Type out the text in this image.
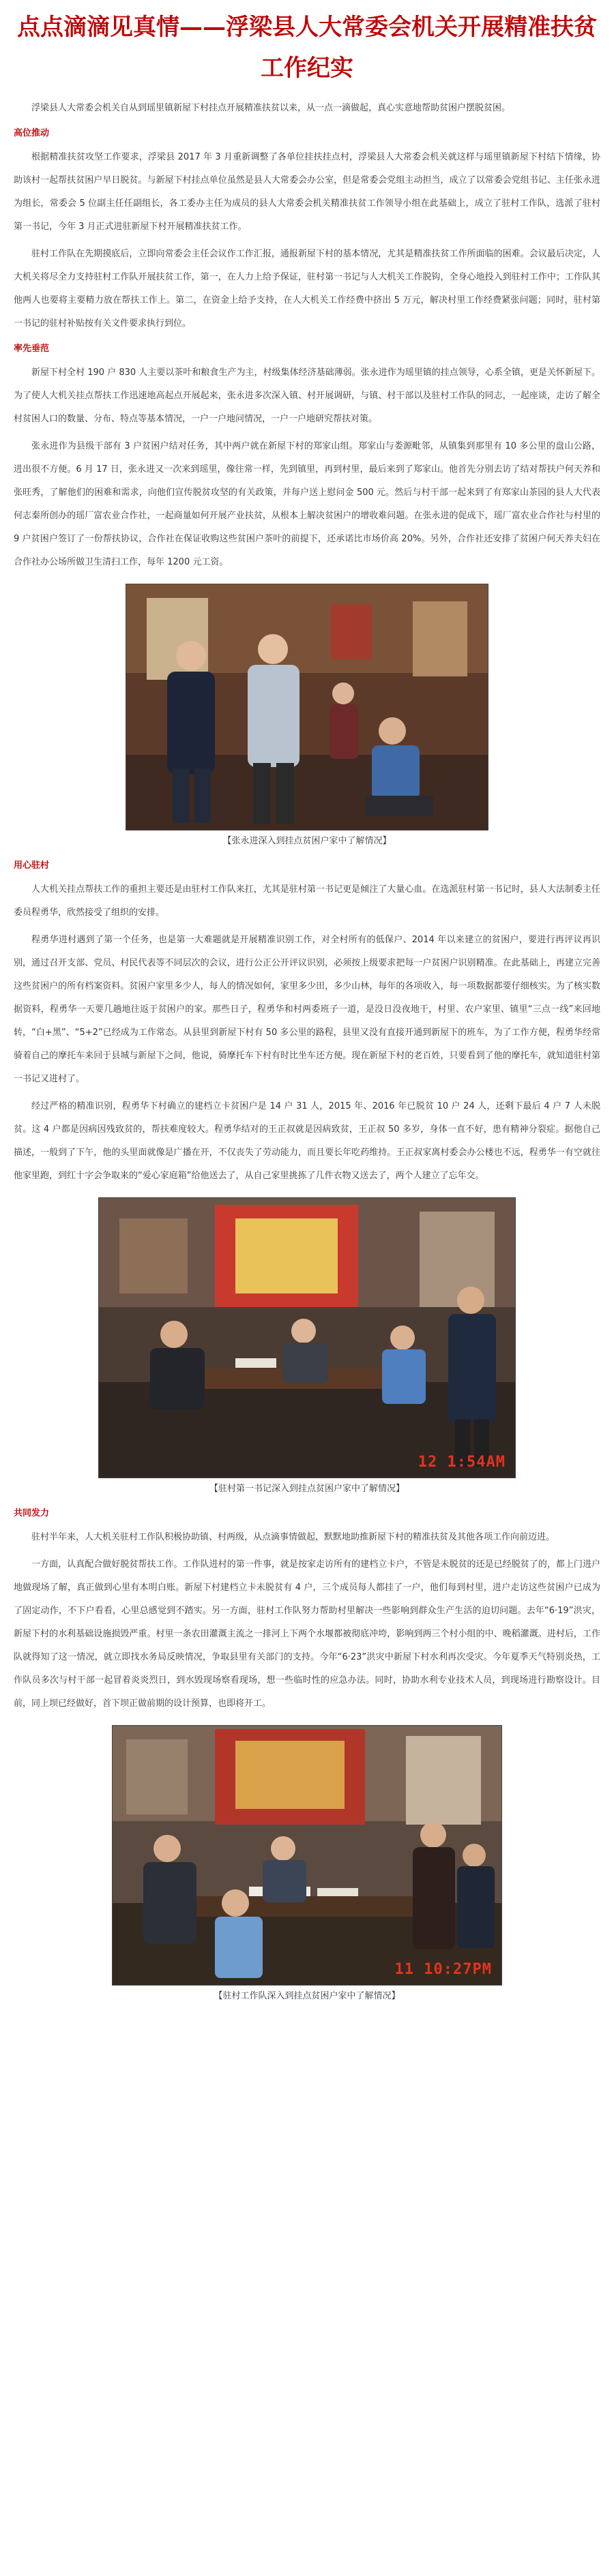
点点滴滴见真情——浮梁县人大常委会机关开展精准扶贫工作纪实

浮梁县人大常委会机关自从到瑶里镇新屋下村挂点开展精准扶贫以来，从一点一滴做起，真心实意地帮助贫困户摆脱贫困。

高位推动

根据精准扶贫攻坚工作要求，浮梁县 2017 年 3 月重新调整了各单位挂扶挂点村，浮梁县人大常委会机关就这样与瑶里镇新屋下村结下情缘，协助该村一起帮扶贫困户早日脱贫。与新屋下村挂点单位虽然是县人大常委会办公室，但是常委会党组主动担当，成立了以常委会党组书记、主任张永进为组长，常委会 5 位副主任任副组长，各工委办主任为成员的县人大常委会机关精准扶贫工作领导小组在此基础上，成立了驻村工作队，选派了驻村第一书记，今年 3 月正式进驻新屋下村开展精准扶贫工作。

驻村工作队在先期摸底后，立即向常委会主任会议作工作汇报，通报新屋下村的基本情况，尤其是精准扶贫工作所面临的困难。会议最后决定，人大机关将尽全力支持驻村工作队开展扶贫工作，第一，在人力上给予保证，驻村第一书记与人大机关工作脱钩，全身心地投入到驻村工作中；工作队其他两人也要将主要精力放在帮扶工作上。第二，在资金上给予支持，在人大机关工作经费中挤出 5 万元，解决村里工作经费紧张问题；同时，驻村第一书记的驻村补贴按有关文件要求执行到位。

率先垂范

新屋下村全村 190 户 830 人主要以茶叶和粮食生产为主，村级集体经济基础薄弱。张永进作为瑶里镇的挂点领导，心系全镇，更是关怀新屋下。为了使人大机关挂点帮扶工作迅速地高起点开展起来，张永进多次深入镇、村开展调研，与镇、村干部以及驻村工作队的同志，一起座谈，走访了解全村贫困人口的数量、分布、特点等基本情况，一户一户地问情况，一户一户地研究帮扶对策。

张永进作为县级干部有 3 户贫困户结对任务，其中两户就在新屋下村的郑家山组。郑家山与娄源毗邻，从镇集到那里有 10 多公里的盘山公路，进出很不方便。6 月 17 日，张永进又一次来到瑶里，像往常一样，先到镇里，再到村里，最后来到了郑家山。他首先分别去访了结对帮扶户何天养和张旺秀，了解他们的困难和需求，向他们宣传脱贫攻坚的有关政策，并每户送上慰问金 500 元。然后与村干部一起来到了有郑家山茶园的县人大代表何志秦所创办的瑶厂富农业合作社，一起商量如何开展产业扶贫，从根本上解决贫困户的增收难问题。在张永进的促成下，瑶厂富农业合作社与村里的 9 户贫困户签订了一份帮扶协议，合作社在保证收购这些贫困户茶叶的前提下，还承诺比市场价高 20%。另外，合作社还安排了贫困户何天养夫妇在合作社办公场所做卫生清扫工作，每年 1200 元工资。

【张永进深入到挂点贫困户家中了解情况】
用心驻村

人大机关挂点帮扶工作的重担主要还是由驻村工作队来扛，尤其是驻村第一书记更是倾注了大量心血。在选派驻村第一书记时，县人大法制委主任委员程勇华，欣然接受了组织的安排。

程勇华进村遇到了第一个任务，也是第一大难题就是开展精准识别工作，对全村所有的低保户、2014 年以来建立的贫困户，要进行再评议再识别，通过召开支部、党员、村民代表等不同层次的会议，进行公正公开评议识别，必须按上级要求把每一户贫困户识别精准。在此基础上，再建立完善这些贫困户的所有档案资料。贫困户家里多少人，每人的情况如何，家里多少田，多少山林，每年的各项收入，每一项数据都要仔细核实。为了核实数据资料，程勇华一天要几趟地往返于贫困户的家。那些日子，程勇华和村两委班子一道，是没日没夜地干，村里、农户家里、镇里“三点一线”来回地转，“白+黑”、“5+2”已经成为工作常态。从县里到新屋下村有 50 多公里的路程，县里又没有直接开通到新屋下的班车，为了工作方便，程勇华经常骑着自己的摩托车来回于县城与新屋下之间，他说，骑摩托车下村有时比坐车还方便。现在新屋下村的老百姓，只要看到了他的摩托车，就知道驻村第一书记又进村了。

经过严格的精准识别，程勇华下村确立的建档立卡贫困户是 14 户 31 人，2015 年、2016 年已脱贫 10 户 24 人，还剩下最后 4 户 7 人未脱贫。这 4 户都是因病因残致贫的，帮扶难度较大。程勇华结对的王正叔就是因病致贫，王正叔 50 多岁，身体一直不好，患有精神分裂症。据他自己描述，一般到了下午，他的头里面就像是广播在开，不仅丧失了劳动能力，而且要长年吃药维持。王正叔家离村委会办公楼也不远，程勇华一有空就往他家里跑，到红十字会争取来的“爱心家庭箱”给他送去了，从自己家里挑拣了几件衣物又送去了，两个人建立了忘年交。

12 1:54AM
【驻村第一书记深入到挂点贫困户家中了解情况】
共同发力

驻村半年来，人大机关驻村工作队积极协助镇、村两级，从点滴事情做起，默默地助推新屋下村的精准扶贫及其他各项工作向前迈进。

一方面，认真配合做好脱贫帮扶工作。工作队进村的第一件事，就是按家走访所有的建档立卡户，不管是未脱贫的还是已经脱贫了的，都上门进户地做现场了解，真正做到心里有本明白账。新屋下村建档立卡未脱贫有 4 户，三个成员每人都挂了一户，他们每到村里，进户走访这些贫困户已成为了固定动作，不下户看看，心里总感觉到不踏实。另一方面，驻村工作队努力帮助村里解决一些影响到群众生产生活的迫切问题。去年“6·19”洪灾，新屋下村的水利基础设施损毁严重。村里一条农田灌溉主流之一排河上下两个水堰都被彻底冲垮，影响到两三个村小组的中、晚稻灌溉。进村后，工作队就得知了这一情况，就立即找水务局反映情况，争取县里有关部门的支持。今年“6·23”洪灾中新屋下村水利再次受灾。今年夏季天气特别炎热，工作队员多次与村干部一起冒着炎炎烈日，到水毁现场察看现场，想一些临时性的应急办法。同时，协助水利专业技术人员，到现场进行勘察设计。目前，同上坝已经做好，首下坝正做前期的设计预算，也即将开工。

11 10:27PM
【驻村工作队深入到挂点贫困户家中了解情况】
